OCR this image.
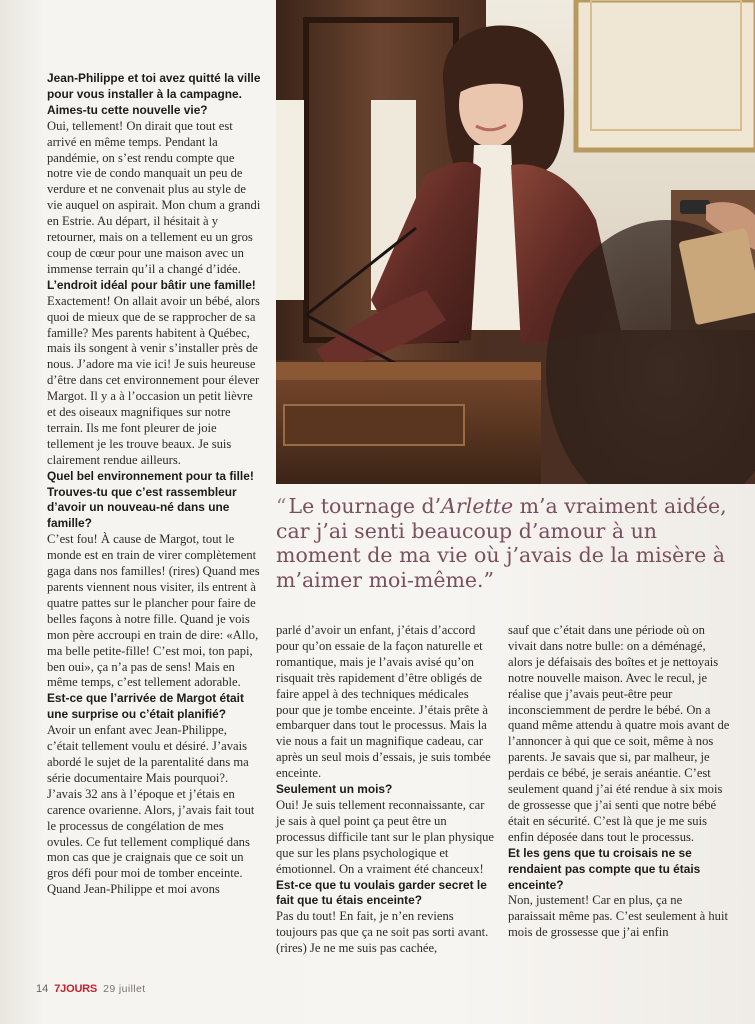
Jean-Philippe et toi avez quitté la ville pour vous installer à la campagne. Aimes-tu cette nouvelle vie?

Oui, tellement! On dirait que tout est arrivé en même temps. Pendant la pandémie, on s’est rendu compte que notre vie de condo manquait un peu de verdure et ne convenait plus au style de vie auquel on aspirait. Mon chum a grandi en Estrie. Au départ, il hésitait à y retourner, mais on a tellement eu un gros coup de cœur pour une maison avec un immense terrain qu’il a changé d’idée.

L’endroit idéal pour bâtir une famille!

Exactement! On allait avoir un bébé, alors quoi de mieux que de se rapprocher de sa famille? Mes parents habitent à Québec, mais ils songent à venir s’installer près de nous. J’adore ma vie ici! Je suis heureuse d’être dans cet environnement pour élever Margot. Il y a à l’occasion un petit lièvre et des oiseaux magnifiques sur notre terrain. Ils me font pleurer de joie tellement je les trouve beaux. Je suis clairement rendue ailleurs.

Quel bel environnement pour ta fille! Trouves-tu que c’est rassembleur d’avoir un nouveau-né dans une famille?

C’est fou! À cause de Margot, tout le monde est en train de virer complètement gaga dans nos familles! (rires) Quand mes parents viennent nous visiter, ils entrent à quatre pattes sur le plancher pour faire de belles façons à notre fille. Quand je vois mon père accroupi en train de dire: «Allo, ma belle petite-fille! C’est moi, ton papi, ben oui», ça n’a pas de sens! Mais en même temps, c’est tellement adorable.

Est-ce que l’arrivée de Margot était une surprise ou c’était planifié?

Avoir un enfant avec Jean-Philippe, c’était tellement voulu et désiré. J’avais abordé le sujet de la parentalité dans ma série documentaire Mais pourquoi?. J’avais 32 ans à l’époque et j’étais en carence ovarienne. Alors, j’avais fait tout le processus de congélation de mes ovules. Ce fut tellement compliqué dans mon cas que je craignais que ce soit un gros défi pour moi de tomber enceinte. Quand Jean-Philippe et moi avons

“Le tournage d’Arlette m’a vraiment aidée, car j’ai senti beaucoup d’amour à un moment de ma vie où j’avais de la misère à m’aimer moi-même.”

parlé d’avoir un enfant, j’étais d’accord pour qu’on essaie de la façon naturelle et romantique, mais je l’avais avisé qu’on risquait très rapidement d’être obligés de faire appel à des techniques médicales pour que je tombe enceinte. J’étais prête à embarquer dans tout le processus. Mais la vie nous a fait un magnifique cadeau, car après un seul mois d’essais, je suis tombée enceinte.

Seulement un mois?

Oui! Je suis tellement reconnaissante, car je sais à quel point ça peut être un processus difficile tant sur le plan physique que sur les plans psychologique et émotionnel. On a vraiment été chanceux!

Est-ce que tu voulais garder secret le fait que tu étais enceinte?

Pas du tout! En fait, je n’en reviens toujours pas que ça ne soit pas sorti avant. (rires) Je ne me suis pas cachée,

sauf que c’était dans une période où on vivait dans notre bulle: on a déménagé, alors je défaisais des boîtes et je nettoyais notre nouvelle maison. Avec le recul, je réalise que j’avais peut-être peur inconsciemment de perdre le bébé. On a quand même attendu à quatre mois avant de l’annoncer à qui que ce soit, même à nos parents. Je savais que si, par malheur, je perdais ce bébé, je serais anéantie. C’est seulement quand j’ai été rendue à six mois de grossesse que j’ai senti que notre bébé était en sécurité. C’est là que je me suis enfin déposée dans tout le processus.

Et les gens que tu croisais ne se rendaient pas compte que tu étais enceinte?

Non, justement! Car en plus, ça ne paraissait même pas. C’est seulement à huit mois de grossesse que j’ai enfin

14 7JOURS 29 juillet
